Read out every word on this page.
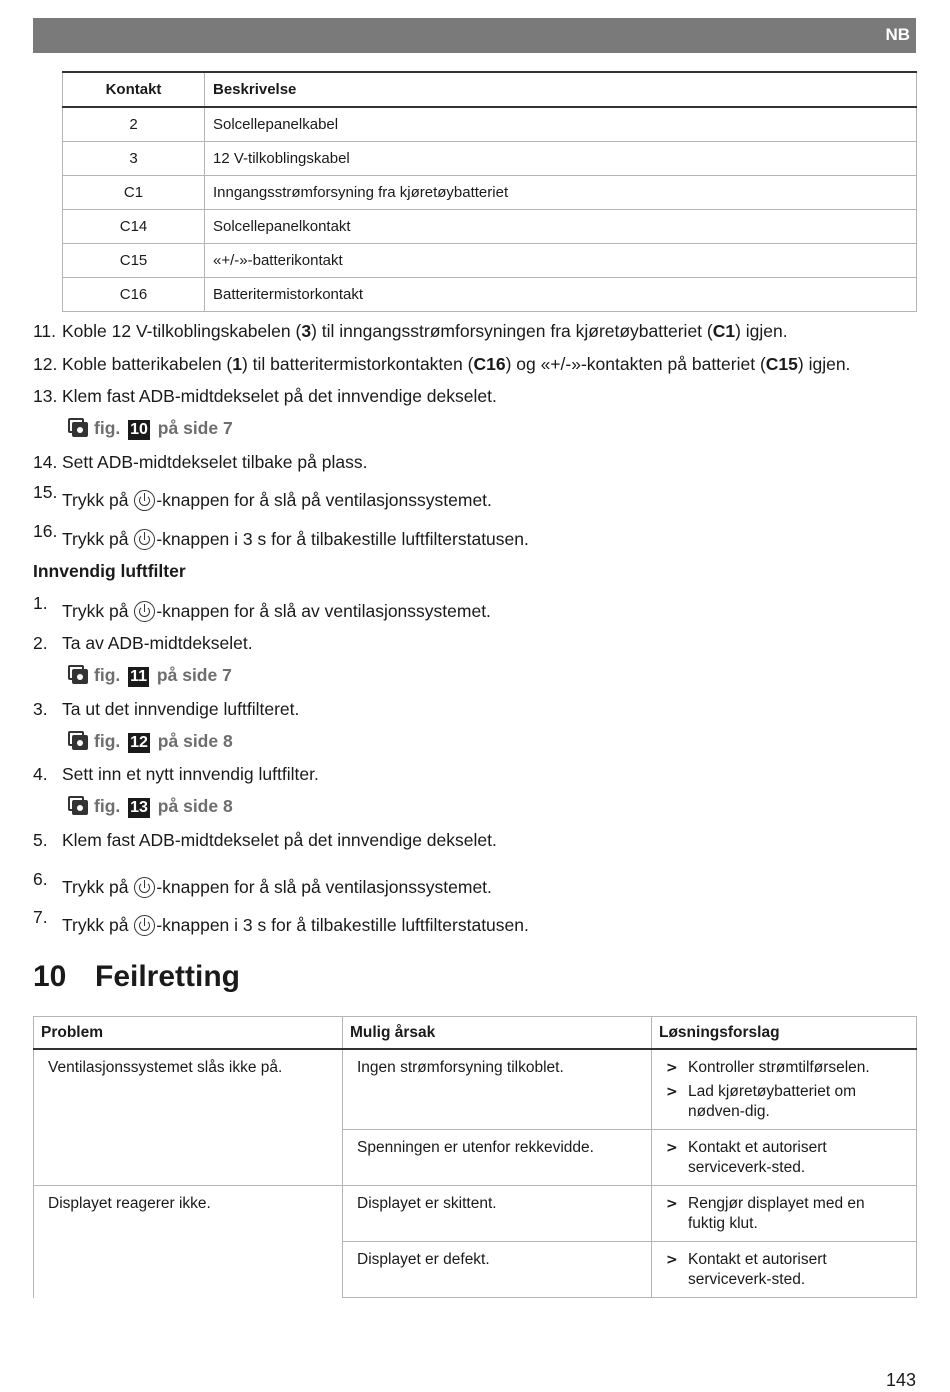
NB
Kontakt	Beskrivelse
2	Solcellepanelkabel
3	12 V-tilkoblingskabel
C1	Inngangsstrømforsyning fra kjøretøybatteriet
C14	Solcellepanelkontakt
C15	«+/-»-batterikontakt
C16	Batteritermistorkontakt
11. Koble 12 V-tilkoblingskabelen (3) til inngangsstrømforsyningen fra kjøretøybatteriet (C1) igjen.
12. Koble batterikabelen (1) til batteritermistorkontakten (C16) og «+/-»-kontakten på batteriet (C15) igjen.
13. Klem fast ADB-midtdekselet på det innvendige dekselet.
fig. 10 på side 7
14. Sett ADB-midtdekselet tilbake på plass.
15. Trykk på -knappen for å slå på ventilasjonssystemet.
16. Trykk på -knappen i 3 s for å tilbakestille luftfilterstatusen.
Innvendig luftfilter
1. Trykk på -knappen for å slå av ventilasjonssystemet.
2. Ta av ADB-midtdekselet.
fig. 11 på side 7
3. Ta ut det innvendige luftfilteret.
fig. 12 på side 8
4. Sett inn et nytt innvendig luftfilter.
fig. 13 på side 8
5. Klem fast ADB-midtdekselet på det innvendige dekselet.
6. Trykk på -knappen for å slå på ventilasjonssystemet.
7. Trykk på -knappen i 3 s for å tilbakestille luftfilterstatusen.
10 Feilretting
Problem	Mulig årsak	Løsningsforslag
Ventilasjonssystemet slås ikke på.	Ingen strømforsyning tilkoblet.	> Kontroller strømtilførselen.
> Lad kjøretøybatteriet om nødven-dig.

	Spenningen er utenfor rekkevidde.	> Kontakt et autorisert serviceverk-sted.

Displayet reagerer ikke.	Displayet er skittent.	> Rengjør displayet med en fuktig klut.

	Displayet er defekt.	> Kontakt et autorisert serviceverk-sted.
143
